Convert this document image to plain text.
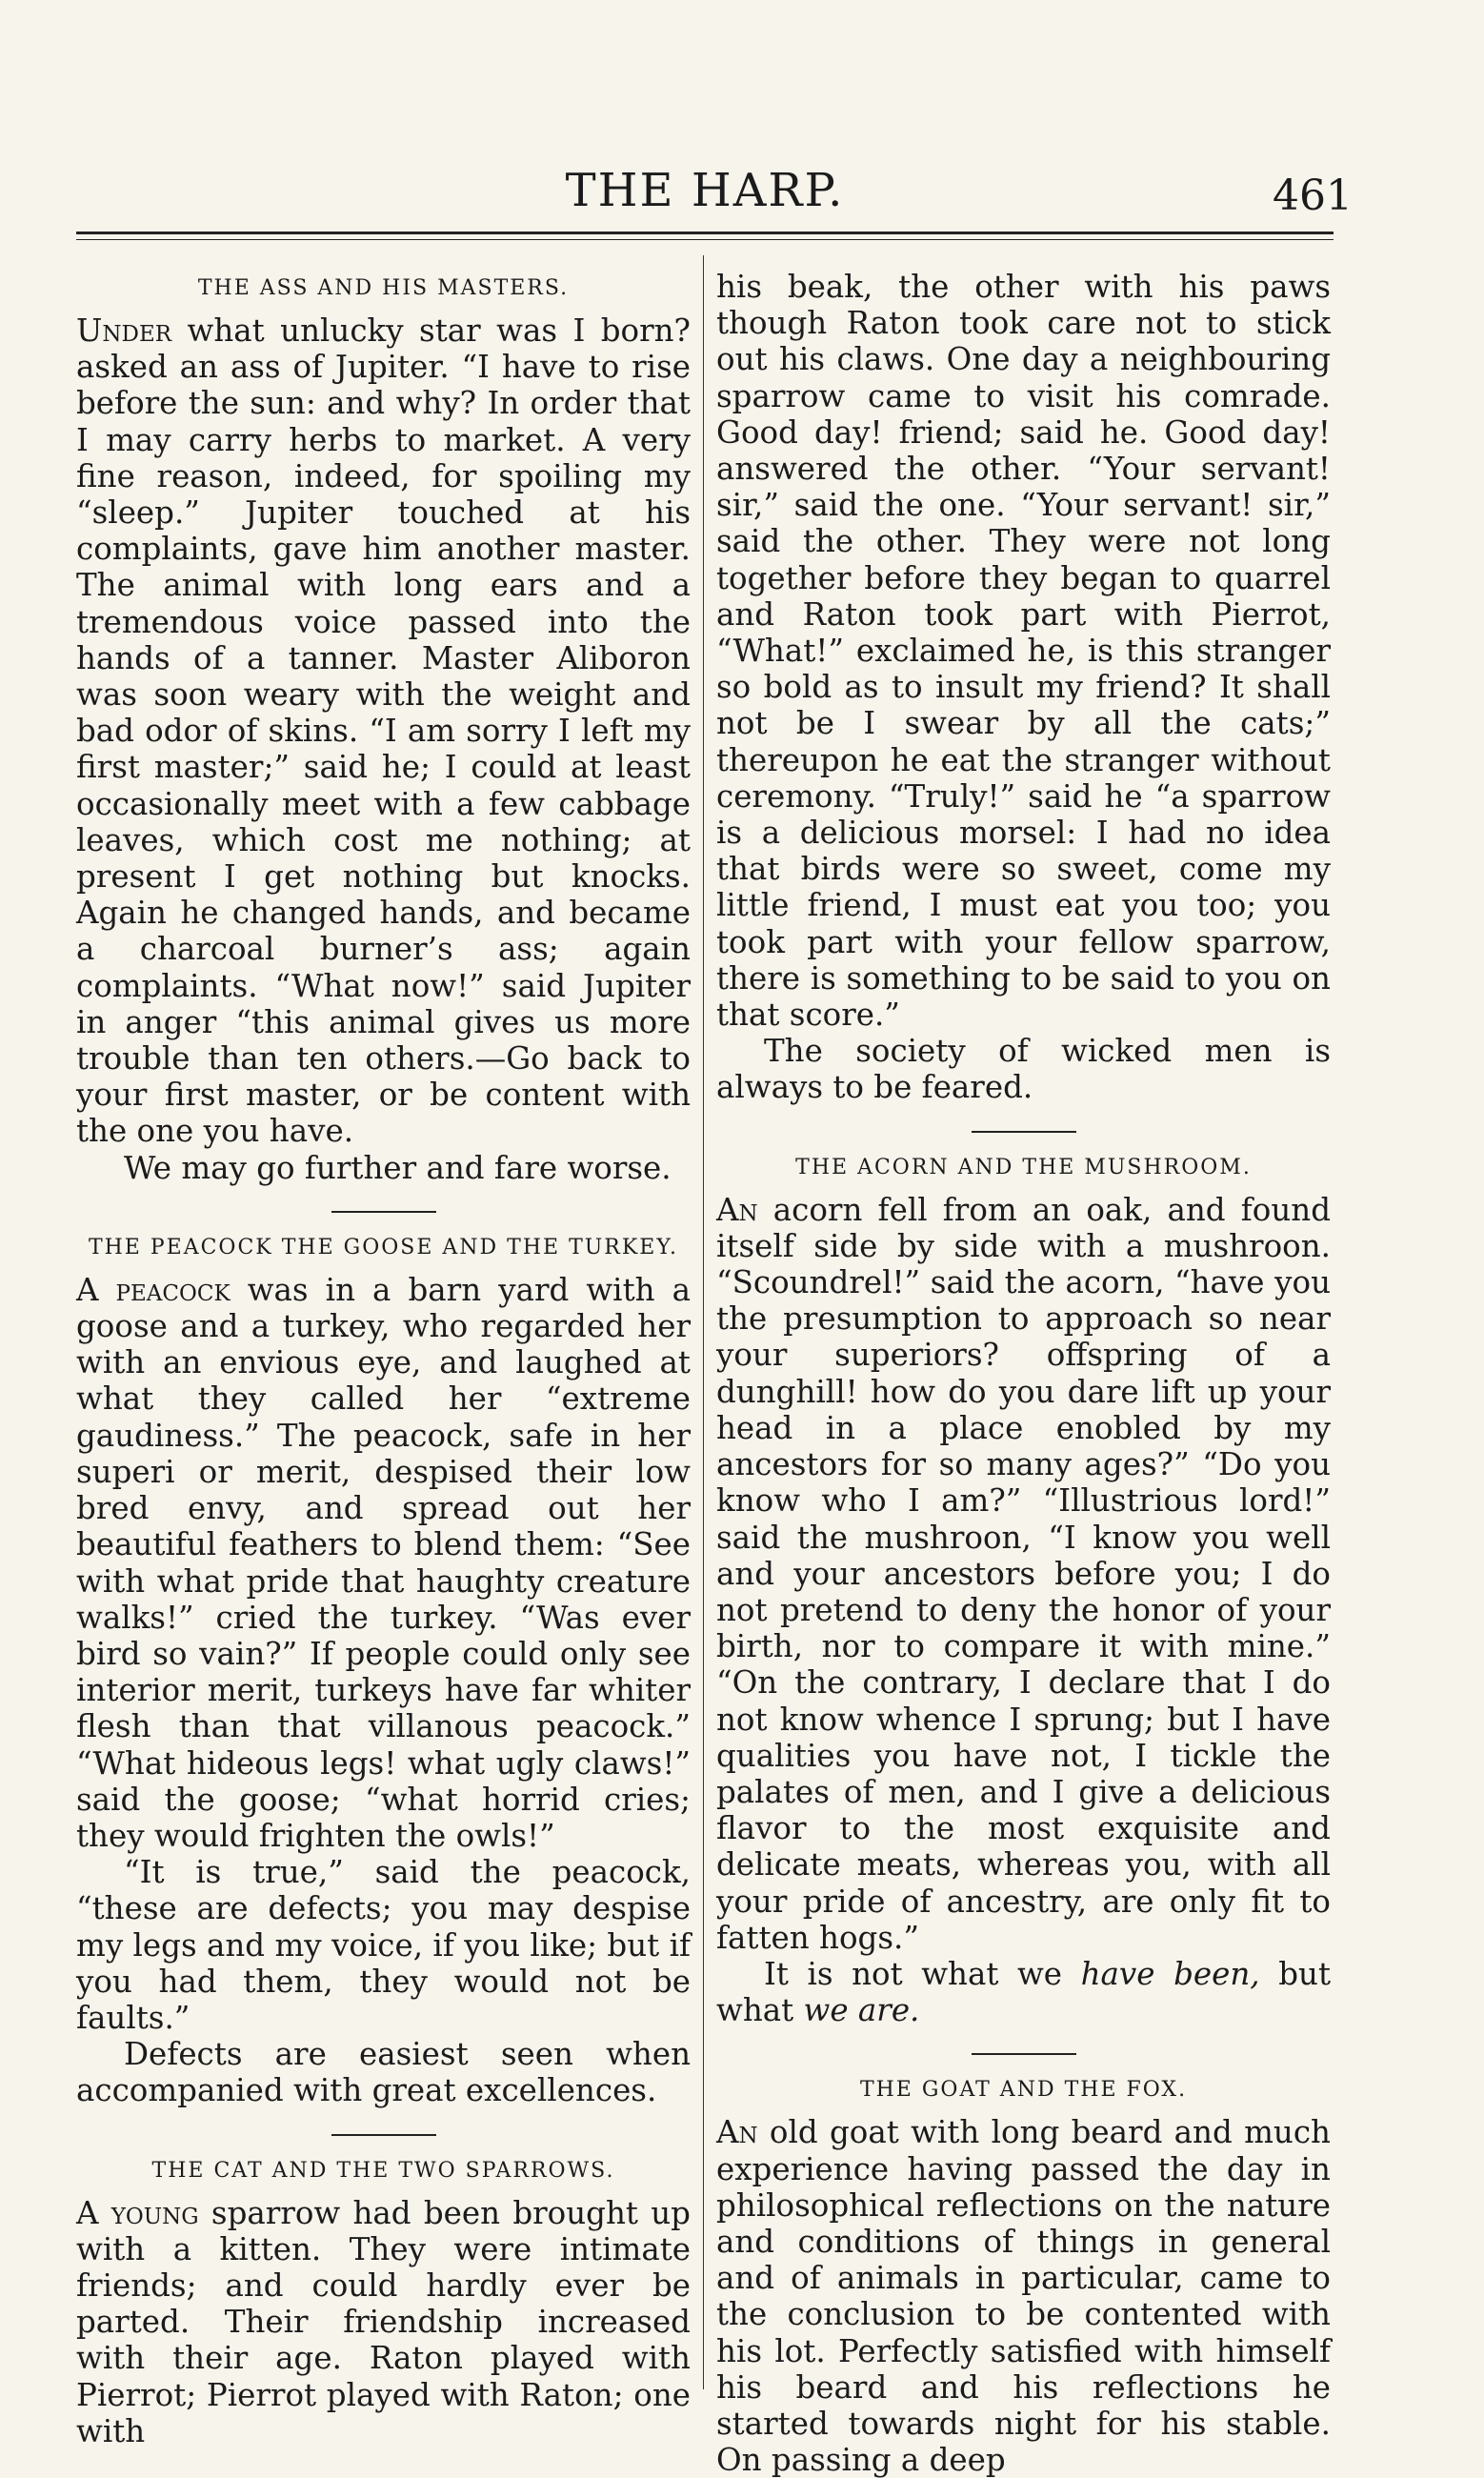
THE HARP.	461
THE ASS AND HIS MASTERS.

Under what unlucky star was I born? asked an ass of Jupiter. “I have to rise before the sun: and why? In order that I may carry herbs to market. A very fine reason, indeed, for spoiling my “sleep.” Jupiter touched at his complaints, gave him another master. The animal with long ears and a tremendous voice passed into the hands of a tanner. Master Aliboron was soon weary with the weight and bad odor of skins. “I am sorry I left my first master;” said he; I could at least occasionally meet with a few cabbage leaves, which cost me nothing; at present I get nothing but knocks. Again he changed hands, and became a charcoal burner’s ass; again complaints. “What now!” said Jupiter in anger “this animal gives us more trouble than ten others.—Go back to your first master, or be content with the one you have.

We may go further and fare worse.

THE PEACOCK THE GOOSE AND THE TURKEY.

A peacock was in a barn yard with a goose and a turkey, who regarded her with an envious eye, and laughed at what they called her “extreme gaudiness.” The peacock, safe in her superi or merit, despised their low bred envy, and spread out her beautiful feathers to blend them: “See with what pride that haughty creature walks!” cried the turkey. “Was ever bird so vain?” If people could only see interior merit, turkeys have far whiter flesh than that villanous peacock.” “What hideous legs! what ugly claws!” said the goose; “what horrid cries; they would frighten the owls!”

“It is true,” said the peacock, “these are defects; you may despise my legs and my voice, if you like; but if you had them, they would not be faults.”

Defects are easiest seen when accompanied with great excellences.

THE CAT AND THE TWO SPARROWS.

A young sparrow had been brought up with a kitten. They were intimate friends; and could hardly ever be parted. Their friendship increased with their age. Raton played with Pierrot; Pierrot played with Raton; one with

his beak, the other with his paws though Raton took care not to stick out his claws. One day a neighbouring sparrow came to visit his comrade. Good day! friend; said he. Good day! answered the other. “Your servant! sir,” said the one. “Your servant! sir,” said the other. They were not long together before they began to quarrel and Raton took part with Pierrot, “What!” exclaimed he, is this stranger so bold as to insult my friend? It shall not be I swear by all the cats;” thereupon he eat the stranger without ceremony. “Truly!” said he “a sparrow is a delicious morsel: I had no idea that birds were so sweet, come my little friend, I must eat you too; you took part with your fellow sparrow, there is something to be said to you on that score.”

The society of wicked men is always to be feared.

THE ACORN AND THE MUSHROOM.

An acorn fell from an oak, and found itself side by side with a mushroon. “Scoundrel!” said the acorn, “have you the presumption to approach so near your superiors? offspring of a dunghill! how do you dare lift up your head in a place enobled by my ancestors for so many ages?” “Do you know who I am?” “Illustrious lord!” said the mushroon, “I know you well and your ancestors before you; I do not pretend to deny the honor of your birth, nor to compare it with mine.” “On the contrary, I declare that I do not know whence I sprung; but I have qualities you have not, I tickle the palates of men, and I give a delicious flavor to the most exquisite and delicate meats, whereas you, with all your pride of ancestry, are only fit to fatten hogs.”

It is not what we have been, but what we are.

THE GOAT AND THE FOX.

An old goat with long beard and much experience having passed the day in philosophical reflections on the nature and conditions of things in general and of animals in particular, came to the conclusion to be contented with his lot. Perfectly satisfied with himself his beard and his reflections he started towards night for his stable. On passing a deep
